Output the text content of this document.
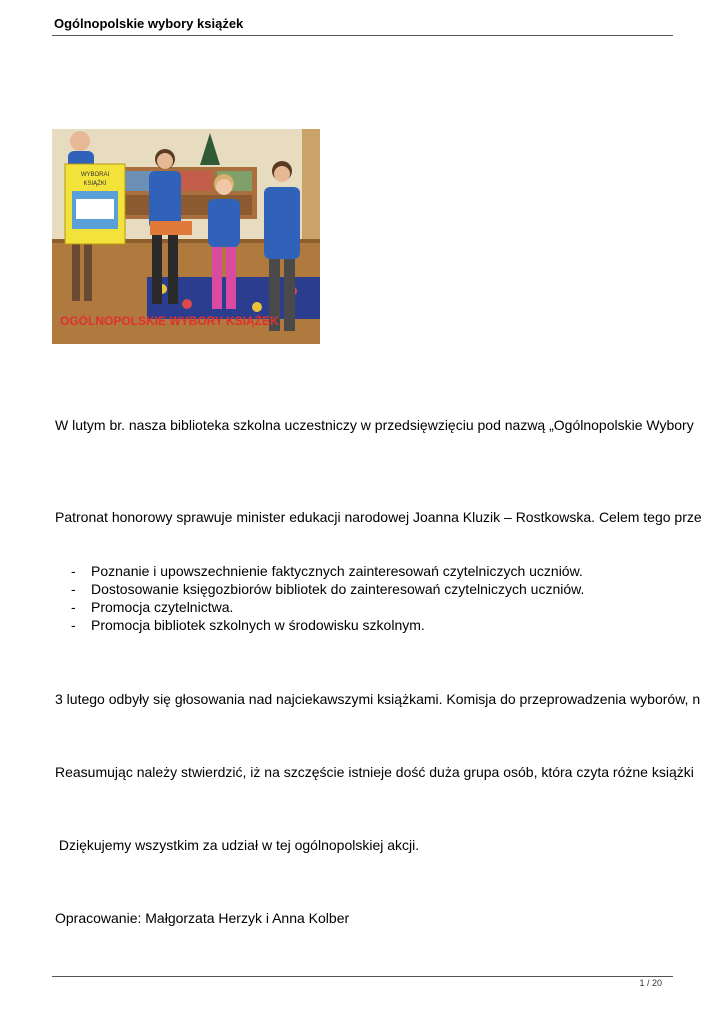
Ogólnopolskie wybory książek
WYBORAI
KSIĄŻKI
OGÓLNOPOLSKIE WYBORY KSIĄŻEK

W lutym br. nasza biblioteka szkolna uczestniczy w przedsięwzięciu pod nazwą „Ogólnopolskie Wybory

Patronat honorowy sprawuje minister edukacji narodowej Joanna Kluzik – Rostkowska. Celem tego prze

- Poznanie i upowszechnienie faktycznych zainteresowań czytelniczych uczniów.
- Dostosowanie księgozbiorów bibliotek do zainteresowań czytelniczych uczniów.
- Promocja czytelnictwa.
- Promocja bibliotek szkolnych w środowisku szkolnym.

3 lutego odbyły się głosowania nad najciekawszymi książkami. Komisja do przeprowadzenia wyborów, n

Reasumując należy stwierdzić, iż na szczęście istnieje dość duża grupa osób, która czyta różne książki

Dziękujemy wszystkim za udział w tej ogólnopolskiej akcji.

Opracowanie: Małgorzata Herzyk i Anna Kolber

1 / 20
